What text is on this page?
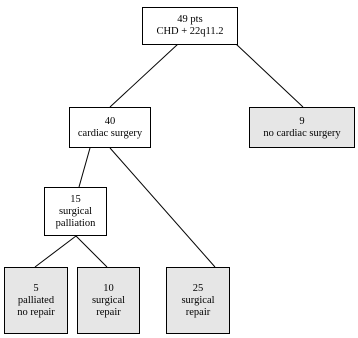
49 pts
CHD + 22q11.2
40
cardiac surgery
9
no cardiac surgery
15
surgical
palliation
5
palliated
no repair
10
surgical
repair
25
surgical
repair
